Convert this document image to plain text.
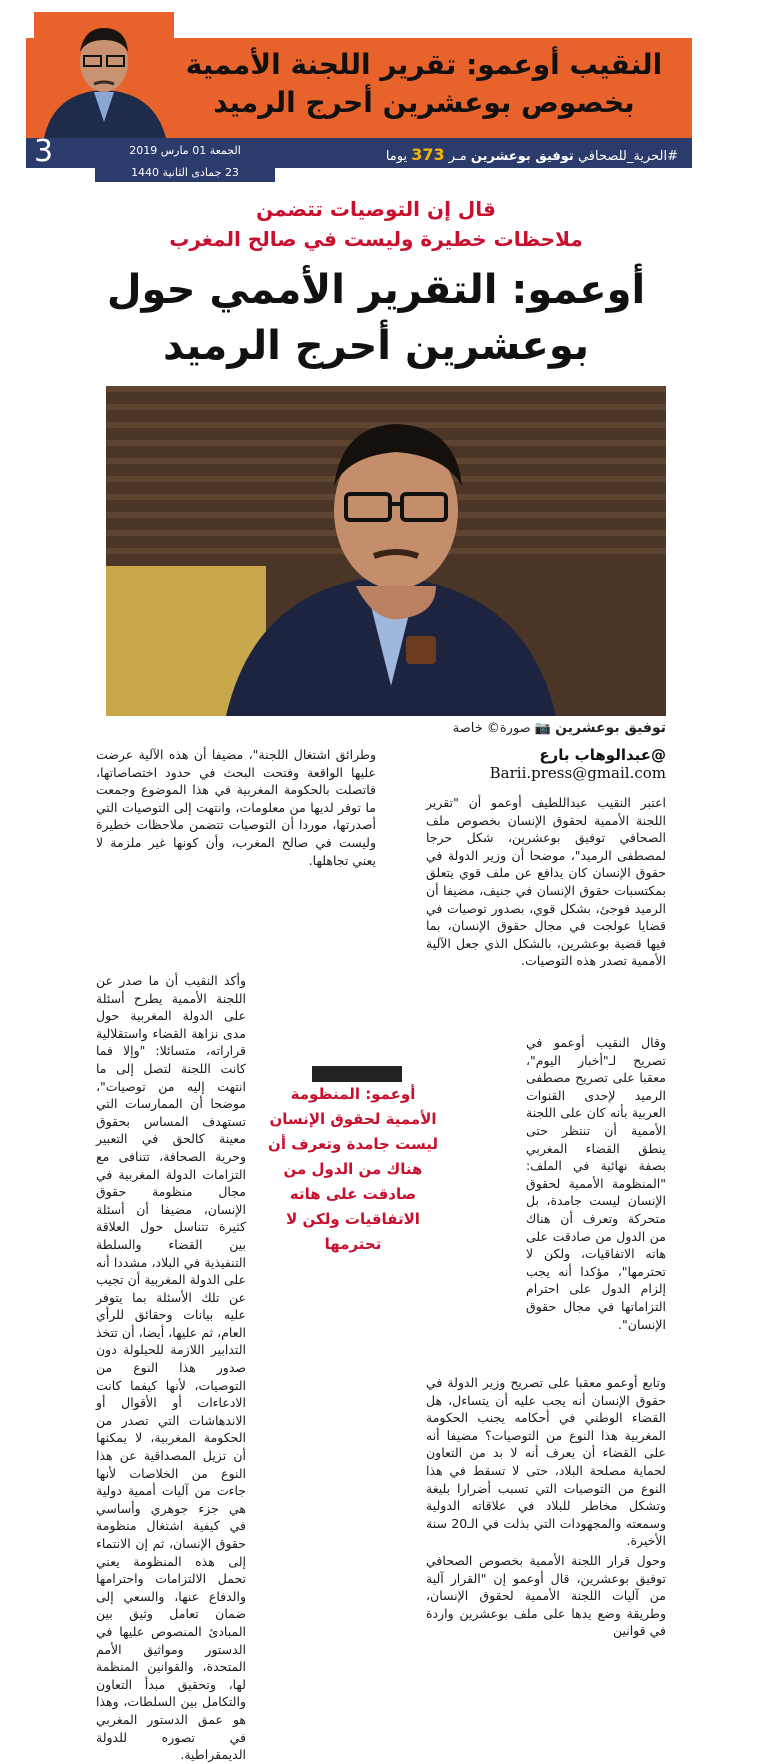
النقيب أوعمو: تقرير اللجنة الأممية
بخصوص بوعشرين أحرج الرميد
3	#الحرية_للصحافي توفيق بوعشرين مـر 373 يوما
الجمعة 01 مارس 2019
23 جمادى الثانية 1440
قال إن التوصيات تتضمن
ملاحظات خطيرة وليست في صالح المغرب
أوعمو: التقرير الأممي حول
بوعشرين أحرج الرميد
توفيق بوعشرين 📷 صورة© خاصة
@عبدالوهاب بارع
Barii.press@gmail.com

اعتبر النقيب عبداللطيف أوعمو أن "تقرير اللجنة الأممية لحقوق الإنسان بخصوص ملف الصحافي توفيق بوعشرين، شكل حرجا لمصطفى الرميد"، موضحا أن وزير الدولة في حقوق الإنسان كان يدافع عن ملف قوي يتعلق بمكتسبات حقوق الإنسان في جنيف، مضيفا أن الرميد فوجئ، بشكل قوي، بصدور توصيات في قضايا عولجت في مجال حقوق الإنسان، بما فيها قضية بوعشرين، بالشكل الذي جعل الآلية الأممية تصدر هذه التوصيات.

وقال النقيب أوعمو في تصريح لـ"أخبار اليوم"، معقبا على تصريح مصطفى الرميد لإحدى القنوات العربية بأنه كان على اللجنة الأممية أن تنتظر حتى ينطق القضاء المغربي بصفة نهائية في الملف: "المنظومة الأممية لحقوق الإنسان ليست جامدة، بل متحركة وتعرف أن هناك من الدول من صادقت على هاته الاتفاقيات، ولكن لا تحترمها"، مؤكدا أنه يجب إلزام الدول على احترام التزاماتها في مجال حقوق الإنسان".

وتابع أوعمو معقبا على تصريح وزير الدولة في حقوق الإنسان أنه يجب عليه أن يتساءل، هل القضاء الوطني في أحكامه يجنب الحكومة المغربية هذا النوع من التوصيات؟ مضيفا أنه على القضاء أن يعرف أنه لا بد من التعاون لحماية مصلحة البلاد، حتى لا تسقط في هذا النوع من التوصيات التي تسبب أضرارا بليغة وتشكل مخاطر للبلاد في علاقاته الدولية وسمعته والمجهودات التي بذلت في الـ20 سنة الأخيرة.

وحول قرار اللجنة الأممية بخصوص الصحافي توفيق بوعشرين، قال أوعمو إن "القرار آلية من آليات اللجنة الأممية لحقوق الإنسان، وطريقة وضع يدها على ملف بوعشرين واردة في قوانين

وطرائق اشتغال اللجنة"، مضيفا أن هذه الآلية عرضت عليها الواقعة وفتحت البحث في حدود اختصاصاتها، فاتصلت بالحكومة المغربية في هذا الموضوع وجمعت ما توفر لديها من معلومات، وانتهت إلى التوصيات التي أصدرتها، موردا أن التوصيات تتضمن ملاحظات خطيرة وليست في صالح المغرب، وأن كونها غير ملزمة لا يعني تجاهلها.

وأكد النقيب أن ما صدر عن اللجنة الأممية يطرح أسئلة على الدولة المغربية حول مدى نزاهة القضاء واستقلالية قراراته، متسائلا: "وإلا فما كانت اللجنة لتصل إلى ما انتهت إليه من توصيات"، موضحا أن الممارسات التي تستهدف المساس بحقوق معينة كالحق في التعبير وحرية الصحافة، تتنافى مع التزامات الدولة المغربية في مجال منظومة حقوق الإنسان، مضيفا أن أسئلة كثيرة تتناسل حول العلاقة بين القضاء والسلطة التنفيذية في البلاد، مشددا أنه على الدولة المغربية أن تجيب عن تلك الأسئلة بما يتوفر عليه بيانات وحقائق للرأي العام، ثم عليها، أيضا، أن تتخذ التدابير اللازمة للحيلولة دون صدور هذا النوع من التوصيات، لأنها كيفما كانت الادعاءات أو الأقوال أو الاندهاشات التي تصدر من الحكومة المغربية، لا يمكنها أن تزيل المصداقية عن هذا النوع من الخلاصات لأنها جاءت من آليات أممية دولية هي جزء جوهري وأساسي في كيفية اشتغال منظومة حقوق الإنسان، ثم إن الانتماء إلى هذه المنظومة يعني تحمل الالتزامات واحترامها والدفاع عنها، والسعي إلى ضمان تعامل وثيق بين المبادئ المنصوص عليها في الدستور ومواثيق الأمم المتحدة، والقوانين المنظمة لها، وتحقيق مبدأ التعاون والتكامل بين السلطات، وهذا هو عمق الدستور المغربي في تصوره للدولة الديمقراطية.

أوعمو: المنظومة الأممية لحقوق الإنسان ليست جامدة وتعرف أن هناك من الدول من صادقت على هاته الاتفاقيات ولكن لا تحترمها
